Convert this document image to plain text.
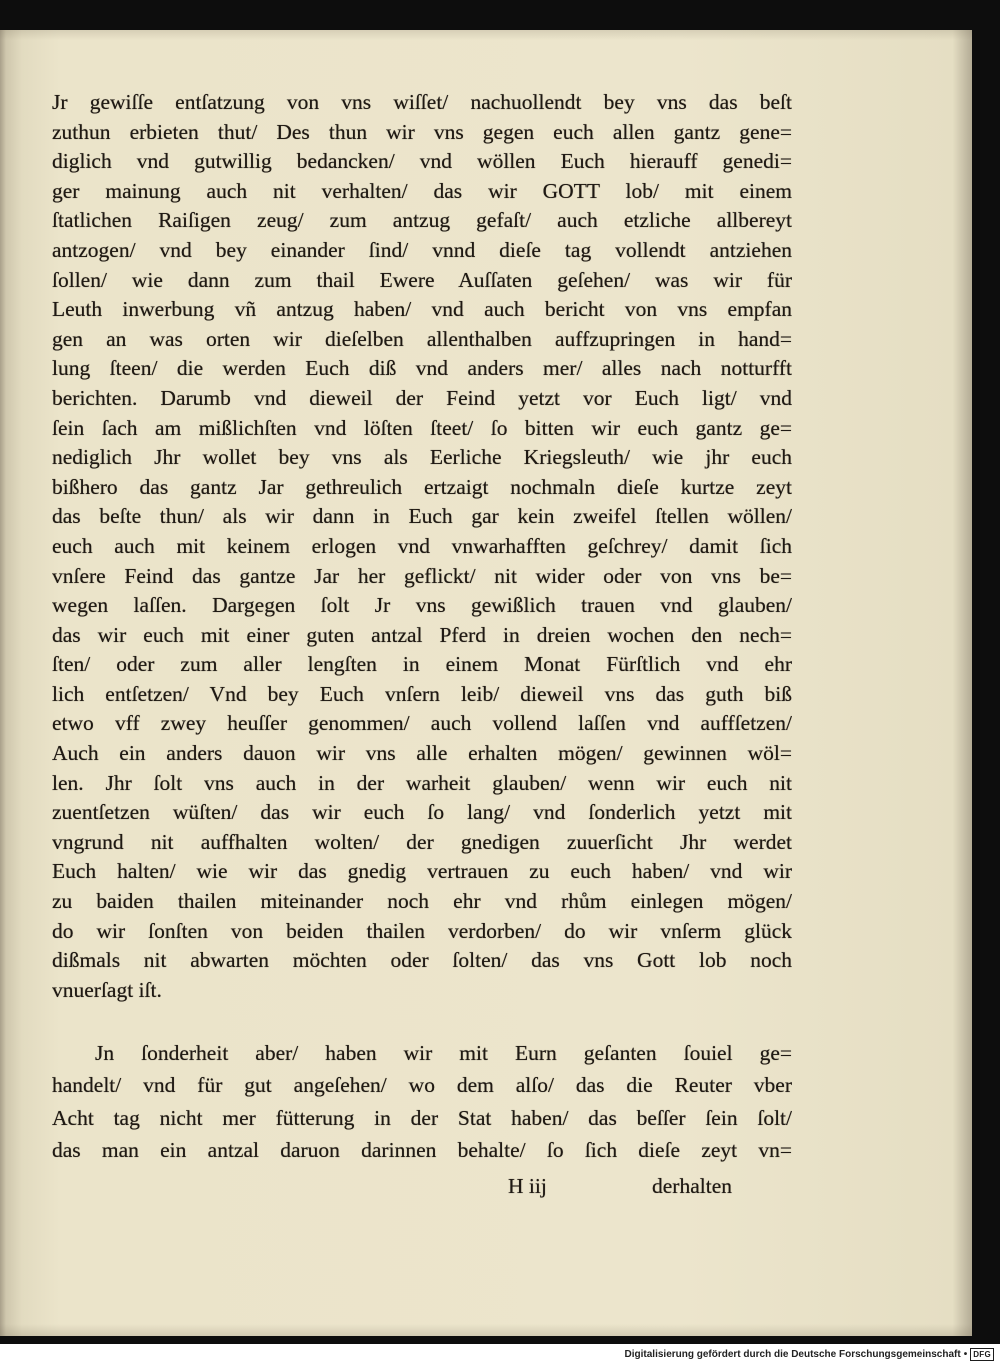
Jr gewiſſe entſatzung von vns wiſſet/ nachuollendt bey vns das beſt
zuthun erbieten thut/ Des thun wir vns gegen euch allen gantz gene=
diglich vnd gutwillig bedancken/ vnd wöllen Euch hierauff genedi=
ger mainung auch nit verhalten/ das wir GOTT lob/ mit einem
ſtatlichen Raiſigen zeug/ zum antzug gefaſt/ auch etzliche allbereyt
antzogen/ vnd bey einander ſind/ vnnd dieſe tag vollendt antziehen
ſollen/ wie dann zum thail Ewere Auſſaten geſehen/ was wir für
Leuth inwerbung vñ antzug haben/ vnd auch bericht von vns empfan
gen an was orten wir dieſelben allenthalben auffzupringen in hand=
lung ſteen/ die werden Euch diß vnd anders mer/ alles nach notturfft
berichten. Darumb vnd dieweil der Feind yetzt vor Euch ligt/ vnd
ſein ſach am mißlichſten vnd löſten ſteet/ ſo bitten wir euch gantz ge=
nediglich Jhr wollet bey vns als Eerliche Kriegsleuth/ wie jhr euch
bißhero das gantz Jar gethreulich ertzaigt nochmaln dieſe kurtze zeyt
das beſte thun/ als wir dann in Euch gar kein zweifel ſtellen wöllen/
euch auch mit keinem erlogen vnd vnwarhafften geſchrey/ damit ſich
vnſere Feind das gantze Jar her geflickt/ nit wider oder von vns be=
wegen laſſen. Dargegen ſolt Jr vns gewißlich trauen vnd glauben/
das wir euch mit einer guten antzal Pferd in dreien wochen den nech=
ſten/ oder zum aller lengſten in einem Monat Fürſtlich vnd ehr
lich entſetzen/ Vnd bey Euch vnſern leib/ dieweil vns das guth biß
etwo vff zwey heuſſer genommen/ auch vollend laſſen vnd auffſetzen/
Auch ein anders dauon wir vns alle erhalten mögen/ gewinnen wöl=
len. Jhr ſolt vns auch in der warheit glauben/ wenn wir euch nit
zuentſetzen wüſten/ das wir euch ſo lang/ vnd ſonderlich yetzt mit
vngrund nit auffhalten wolten/ der gnedigen zuuerſicht Jhr werdet
Euch halten/ wie wir das gnedig vertrauen zu euch haben/ vnd wir
zu baiden thailen miteinander noch ehr vnd rhům einlegen mögen/
do wir ſonſten von beiden thailen verdorben/ do wir vnſerm glück
dißmals nit abwarten möchten oder ſolten/ das vns Gott lob noch
vnuerſagt iſt.
Jn ſonderheit aber/ haben wir mit Eurn geſanten ſouiel ge=
handelt/ vnd für gut angeſehen/ wo dem alſo/ das die Reuter vber
Acht tag nicht mer fütterung in der Stat haben/ das beſſer ſein ſolt/
das man ein antzal daruon darinnen behalte/ ſo ſich dieſe zeyt vn=
H iij	derhalten
Digitalisierung gefördert durch die Deutsche Forschungsgemeinschaft • DFG
